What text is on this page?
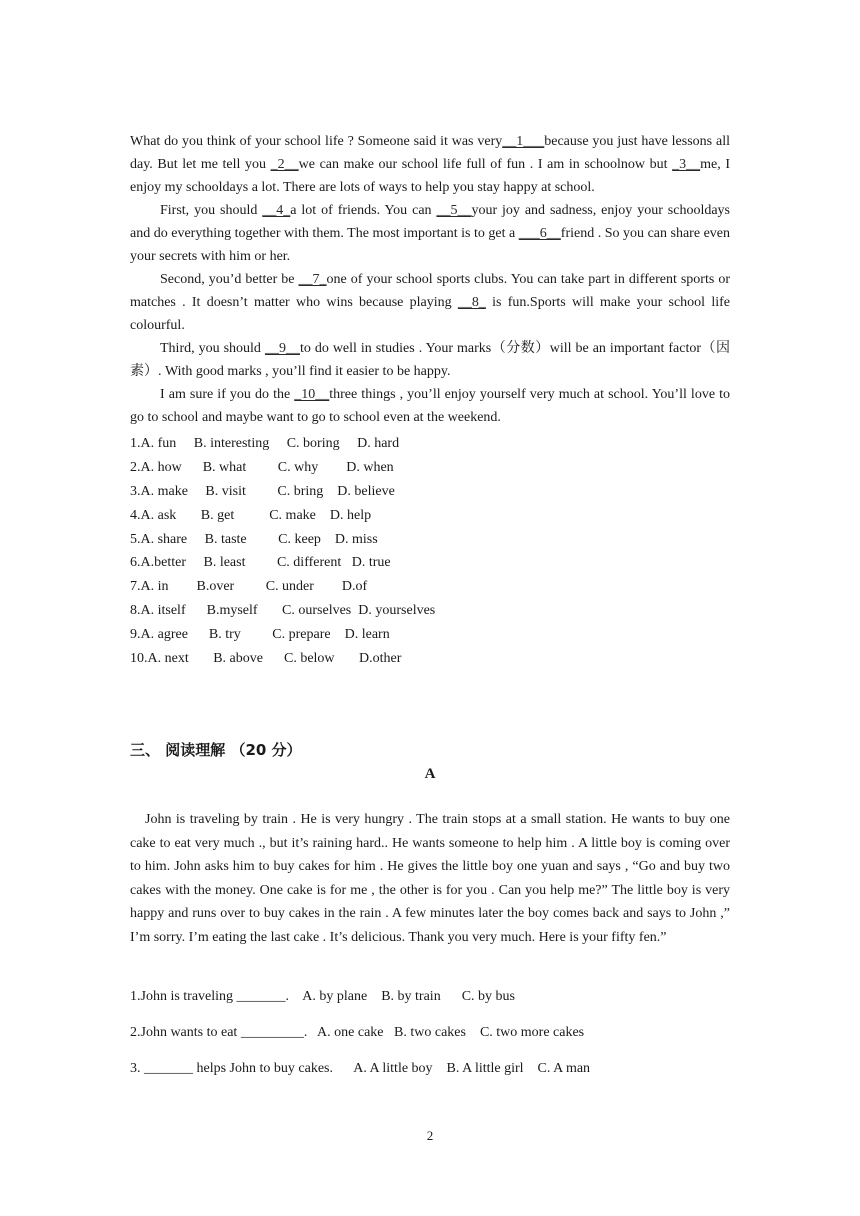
What do you think of your school life ? Someone said it was very__1___because you just have lessons all day. But let me tell you _2__we can make our school life full of fun . I am in schoolnow but _3__me, I enjoy my schooldays a lot. There are lots of ways to help you stay happy at school.

First, you should __4_a lot of friends. You can __5__your joy and sadness, enjoy your schooldays and do everything together with them. The most important is to get a ___6__friend . So you can share even your secrets with him or her.

Second, you’d better be __7_one of your school sports clubs. You can take part in different sports or matches . It doesn’t matter who wins because playing __8_ is fun.Sports will make your school life colourful.

Third, you should __9__to do well in studies . Your marks（分数）will be an important factor（因素）. With good marks , you’ll find it easier to be happy.

I am sure if you do the _10__three things , you’ll enjoy yourself very much at school. You’ll love to go to school and maybe want to go to school even at the weekend.

1.A. fun     B. interesting     C. boring     D. hard
2.A. how      B. what         C. why        D. when
3.A. make     B. visit         C. bring    D. believe
4.A. ask       B. get          C. make    D. help
5.A. share     B. taste         C. keep    D. miss
6.A.better     B. least         C. different   D. true
7.A. in        B.over         C. under        D.of
8.A. itself      B.myself       C. ourselves  D. yourselves
9.A. agree      B. try         C. prepare    D. learn
10.A. next       B. above      C. below       D.other
三、 阅读理解 （20 分）
A

John is traveling by train . He is very hungry . The train stops at a small station. He wants to buy one cake to eat very much ., but it’s raining hard.. He wants someone to help him . A little boy is coming over to him. John asks him to buy cakes for him . He gives the little boy one yuan and says , “Go and buy two cakes with the money. One cake is for me , the other is for you . Can you help me?” The little boy is very happy and runs over to buy cakes in the rain . A few minutes later the boy comes back and says to John ,” I’m sorry. I’m eating the last cake . It’s delicious. Thank you very much. Here is your fifty fen.”

1.John is traveling _______.    A. by plane    B. by train      C. by bus
2.John wants to eat _________.   A. one cake   B. two cakes    C. two more cakes
3. _______ helps John to buy cakes.      A. A little boy    B. A little girl    C. A man
2
